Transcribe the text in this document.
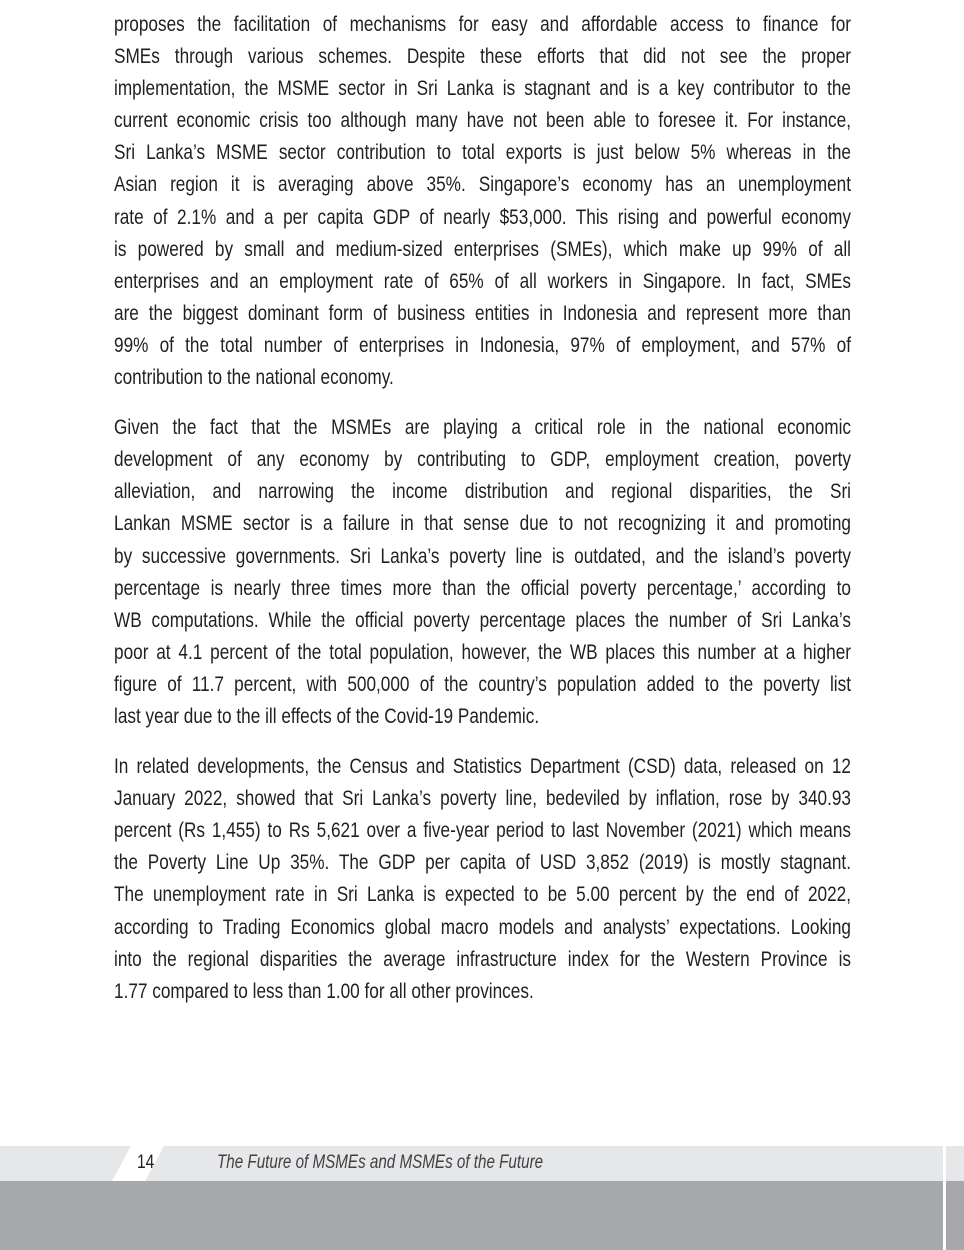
proposes the facilitation of mechanisms for easy and affordable access to finance for
SMEs through various schemes. Despite these efforts that did not see the proper
implementation, the MSME sector in Sri Lanka is stagnant and is a key contributor to the
current economic crisis too although many have not been able to foresee it. For instance,
Sri Lanka’s MSME sector contribution to total exports is just below 5% whereas in the
Asian region it is averaging above 35%. Singapore’s economy has an unemployment
rate of 2.1% and a per capita GDP of nearly $53,000. This rising and powerful economy
is powered by small and medium-sized enterprises (SMEs), which make up 99% of all
enterprises and an employment rate of 65% of all workers in Singapore. In fact, SMEs
are the biggest dominant form of business entities in Indonesia and represent more than
99% of the total number of enterprises in Indonesia, 97% of employment, and 57% of
contribution to the national economy.

Given the fact that the MSMEs are playing a critical role in the national economic
development of any economy by contributing to GDP, employment creation, poverty
alleviation, and narrowing the income distribution and regional disparities, the Sri
Lankan MSME sector is a failure in that sense due to not recognizing it and promoting
by successive governments. Sri Lanka’s poverty line is outdated, and the island’s poverty
percentage is nearly three times more than the official poverty percentage,’ according to
WB computations. While the official poverty percentage places the number of Sri Lanka’s
poor at 4.1 percent of the total population, however, the WB places this number at a higher
figure of 11.7 percent, with 500,000 of the country’s population added to the poverty list
last year due to the ill effects of the Covid-19 Pandemic.

In related developments, the Census and Statistics Department (CSD) data, released on 12
January 2022, showed that Sri Lanka’s poverty line, bedeviled by inflation, rose by 340.93
percent (Rs 1,455) to Rs 5,621 over a five-year period to last November (2021) which means
the Poverty Line Up 35%. The GDP per capita of USD 3,852 (2019) is mostly stagnant.
The unemployment rate in Sri Lanka is expected to be 5.00 percent by the end of 2022,
according to Trading Economics global macro models and analysts’ expectations. Looking
into the regional disparities the average infrastructure index for the Western Province is
1.77 compared to less than 1.00 for all other provinces.

14	The Future of MSMEs and MSMEs of the Future
